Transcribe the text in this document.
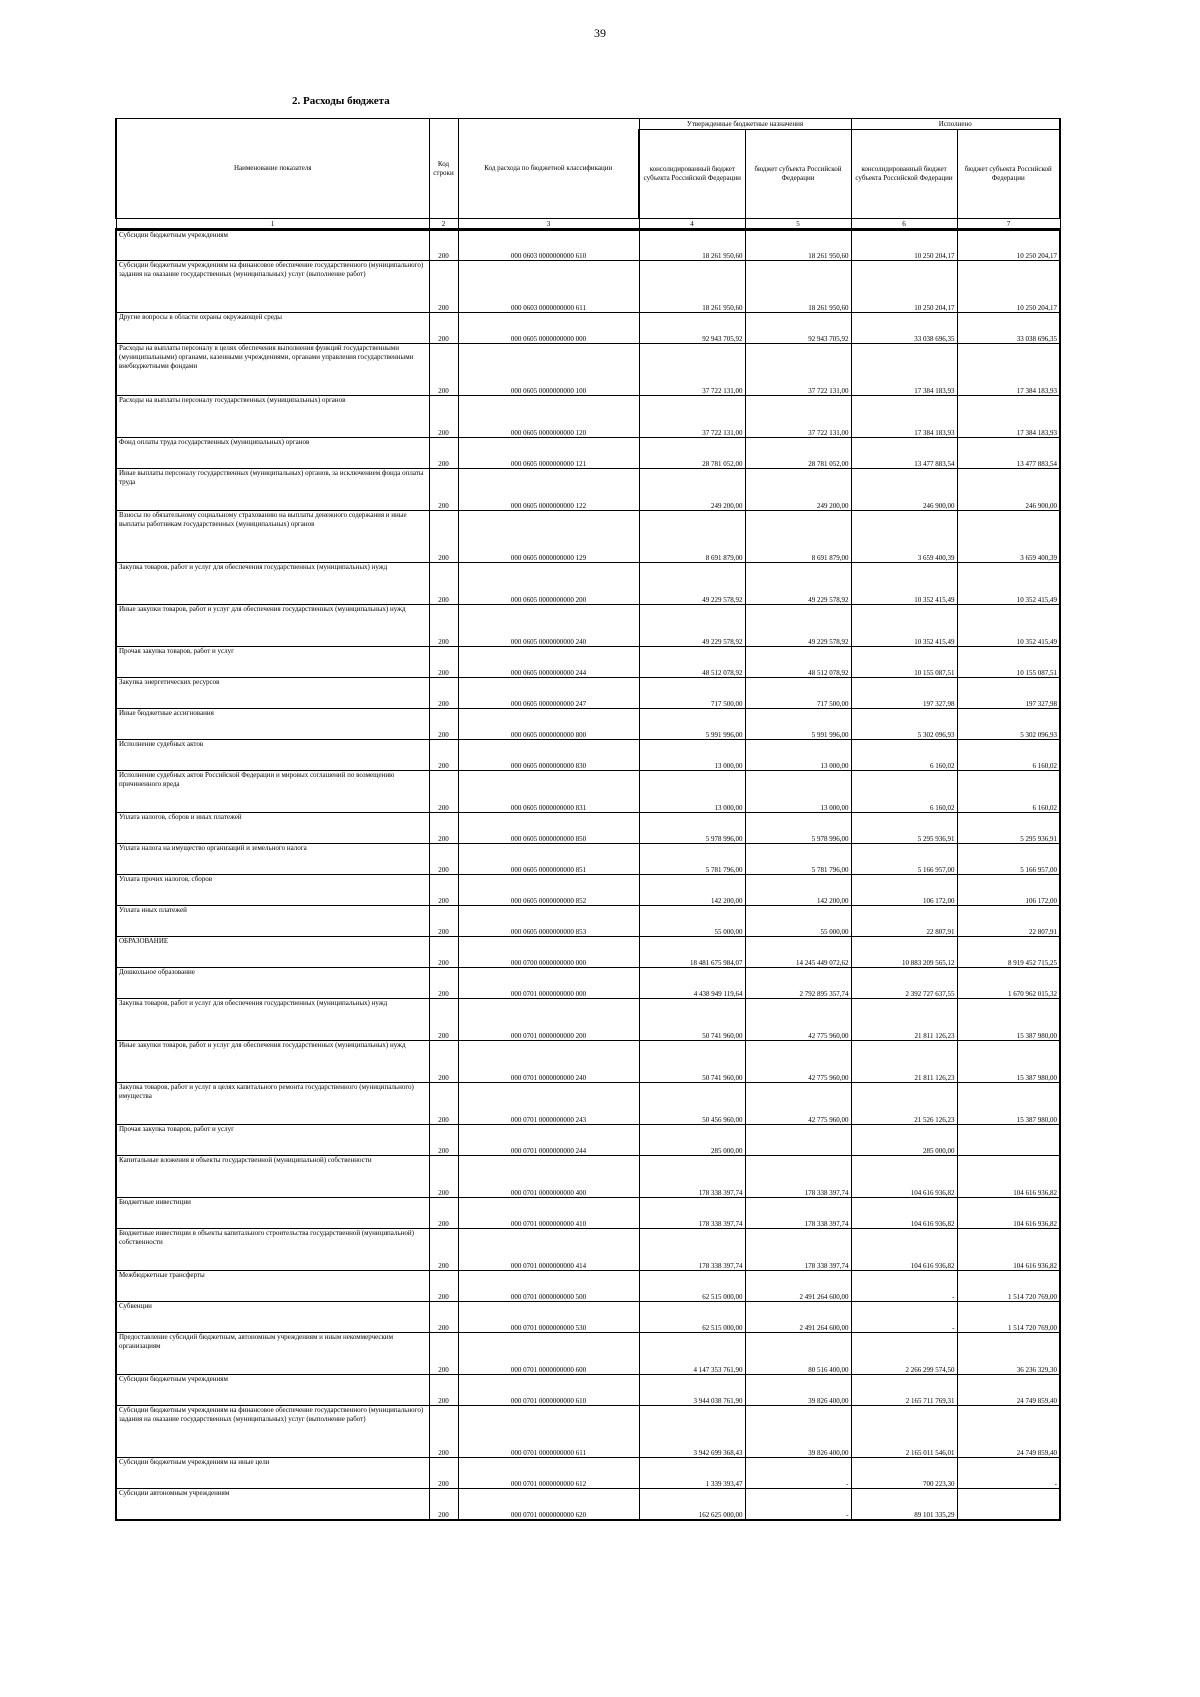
39
2. Расходы бюджета
Наименование показателя	Код строки	Код расхода по бюджетной классификации	Утвержденные бюджетные назначения		Исполнено	
			консолидированный бюджет субъекта Российской Федерации	бюджет субъекта Российской Федерации	консолидированный бюджет субъекта Российской Федерации	бюджет субъекта Российской Федерации
1	2	3	4	5	6	7
Субсидии бюджетным учреждениям	200	000 0603 0000000000 610	18 261 950,60	18 261 950,60	10 250 204,17	10 250 204,17
Субсидии бюджетным учреждениям на финансовое обеспечение государственного (муниципального) задания на оказание государственных (муниципальных) услуг (выполнение работ)	200	000 0603 0000000000 611	18 261 950,60	18 261 950,60	10 250 204,17	10 250 204,17
Другие вопросы в области охраны окружающей среды	200	000 0605 0000000000 000	92 943 705,92	92 943 705,92	33 038 696,35	33 038 696,35
Расходы на выплаты персоналу в целях обеспечения выполнения функций государственными (муниципальными) органами, казенными учреждениями, органами управления государственными внебюджетными фондами	200	000 0605 0000000000 100	37 722 131,00	37 722 131,00	17 384 183,93	17 384 183,93
Расходы на выплаты персоналу государственных (муниципальных) органов	200	000 0605 0000000000 120	37 722 131,00	37 722 131,00	17 384 183,93	17 384 183,93
Фонд оплаты труда государственных (муниципальных) органов	200	000 0605 0000000000 121	28 781 052,00	28 781 052,00	13 477 883,54	13 477 883,54
Иные выплаты персоналу государственных (муниципальных) органов, за исключением фонда оплаты труда	200	000 0605 0000000000 122	249 200,00	249 200,00	246 900,00	246 900,00
Взносы по обязательному социальному страхованию на выплаты денежного содержания и иные выплаты работникам государственных (муниципальных) органов	200	000 0605 0000000000 129	8 691 879,00	8 691 879,00	3 659 400,39	3 659 400,39
Закупка товаров, работ и услуг для обеспечения государственных (муниципальных) нужд	200	000 0605 0000000000 200	49 229 578,92	49 229 578,92	10 352 415,49	10 352 415,49
Иные закупки товаров, работ и услуг для обеспечения государственных (муниципальных) нужд	200	000 0605 0000000000 240	49 229 578,92	49 229 578,92	10 352 415,49	10 352 415,49
Прочая закупка товаров, работ и услуг	200	000 0605 0000000000 244	48 512 078,92	48 512 078,92	10 155 087,51	10 155 087,51
Закупка энергетических ресурсов	200	000 0605 0000000000 247	717 500,00	717 500,00	197 327,98	197 327,98
Иные бюджетные ассигнования	200	000 0605 0000000000 800	5 991 996,00	5 991 996,00	5 302 096,93	5 302 096,93
Исполнение судебных актов	200	000 0605 0000000000 830	13 000,00	13 000,00	6 160,02	6 160,02
Исполнение судебных актов Российской Федерации и мировых соглашений по возмещению причиненного вреда	200	000 0605 0000000000 831	13 000,00	13 000,00	6 160,02	6 160,02
Уплата налогов, сборов и иных платежей	200	000 0605 0000000000 850	5 978 996,00	5 978 996,00	5 295 936,91	5 295 936,91
Уплата налога на имущество организаций и земельного налога	200	000 0605 0000000000 851	5 781 796,00	5 781 796,00	5 166 957,00	5 166 957,00
Уплата прочих налогов, сборов	200	000 0605 0000000000 852	142 200,00	142 200,00	106 172,00	106 172,00
Уплата иных платежей	200	000 0605 0000000000 853	55 000,00	55 000,00	22 807,91	22 807,91
ОБРАЗОВАНИЕ	200	000 0700 0000000000 000	18 481 675 984,07	14 245 449 072,62	10 883 209 565,12	8 919 452 715,25
Дошкольное образование	200	000 0701 0000000000 000	4 438 949 119,64	2 792 895 357,74	2 392 727 637,55	1 670 962 015,32
Закупка товаров, работ и услуг для обеспечения государственных (муниципальных) нужд	200	000 0701 0000000000 200	50 741 960,00	42 775 960,00	21 811 126,23	15 387 980,00
Иные закупки товаров, работ и услуг для обеспечения государственных (муниципальных) нужд	200	000 0701 0000000000 240	50 741 960,00	42 775 960,00	21 811 126,23	15 387 980,00
Закупка товаров, работ и услуг в целях капитального ремонта государственного (муниципального) имущества	200	000 0701 0000000000 243	50 456 960,00	42 775 960,00	21 526 126,23	15 387 980,00
Прочая закупка товаров, работ и услуг	200	000 0701 0000000000 244	285 000,00		285 000,00	
Капитальные вложения в объекты государственной (муниципальной) собственности	200	000 0701 0000000000 400	178 338 397,74	178 338 397,74	104 616 936,82	104 616 936,82
Бюджетные инвестиции	200	000 0701 0000000000 410	178 338 397,74	178 338 397,74	104 616 936,82	104 616 936,82
Бюджетные инвестиции в объекты капитального строительства государственной (муниципальной) собственности	200	000 0701 0000000000 414	178 338 397,74	178 338 397,74	104 616 936,82	104 616 936,82
Межбюджетные трансферты	200	000 0701 0000000000 500	62 515 000,00	2 491 264 600,00	-	1 514 720 769,00
Субвенции	200	000 0701 0000000000 530	62 515 000,00	2 491 264 600,00	-	1 514 720 769,00
Предоставление субсидий бюджетным, автономным учреждениям и иным некоммерческим организациям	200	000 0701 0000000000 600	4 147 353 761,90	80 516 400,00	2 266 299 574,50	36 236 329,30
Субсидии бюджетным учреждениям	200	000 0701 0000000000 610	3 944 038 761,90	39 826 400,00	2 165 711 769,31	24 749 859,40
Субсидии бюджетным учреждениям на финансовое обеспечение государственного (муниципального) задания на оказание государственных (муниципальных) услуг (выполнение работ)	200	000 0701 0000000000 611	3 942 699 368,43	39 826 400,00	2 165 011 546,01	24 749 859,40
Субсидии бюджетным учреждениям на иные цели	200	000 0701 0000000000 612	1 339 393,47	-	700 223,30	-
Субсидии автономным учреждениям	200	000 0701 0000000000 620	162 625 000,00	-	89 101 335,29	
